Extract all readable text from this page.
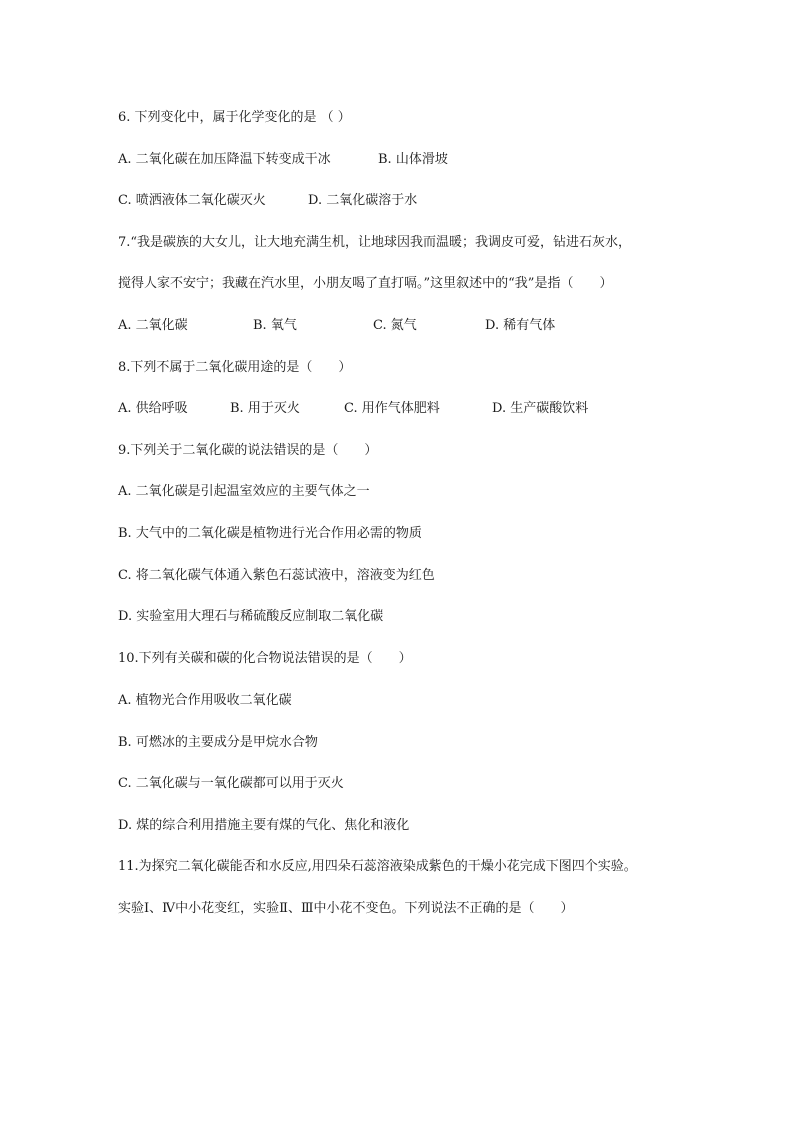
6. 下列变化中，属于化学变化的是 （ ）
A. 二氧化碳在加压降温下转变成干冰	B. 山体滑坡
C. 喷洒液体二氧化碳灭火	D. 二氧化碳溶于水
7.“我是碳族的大女儿，让大地充满生机，让地球因我而温暖；我调皮可爱，钻进石灰水，
搅得人家不安宁；我藏在汽水里，小朋友喝了直打嗝。”这里叙述中的“我”是指（　　）
A. 二氧化碳	B. 氧气	C. 氮气	D. 稀有气体
8.下列不属于二氧化碳用途的是（　　）
A. 供给呼吸	B. 用于灭火	C. 用作气体肥料	D. 生产碳酸饮料
9.下列关于二氧化碳的说法错误的是（　　）
A. 二氧化碳是引起温室效应的主要气体之一
B. 大气中的二氧化碳是植物进行光合作用必需的物质
C. 将二氧化碳气体通入紫色石蕊试液中，溶液变为红色
D. 实验室用大理石与稀硫酸反应制取二氧化碳
10.下列有关碳和碳的化合物说法错误的是（　　）
A. 植物光合作用吸收二氧化碳
B. 可燃冰的主要成分是甲烷水合物
C. 二氧化碳与一氧化碳都可以用于灭火
D. 煤的综合利用措施主要有煤的气化、焦化和液化
11.为探究二氧化碳能否和水反应,用四朵石蕊溶液染成紫色的干燥小花完成下图四个实验。
实验Ⅰ、Ⅳ中小花变红，实验Ⅱ、Ⅲ中小花不变色。下列说法不正确的是（　　）
